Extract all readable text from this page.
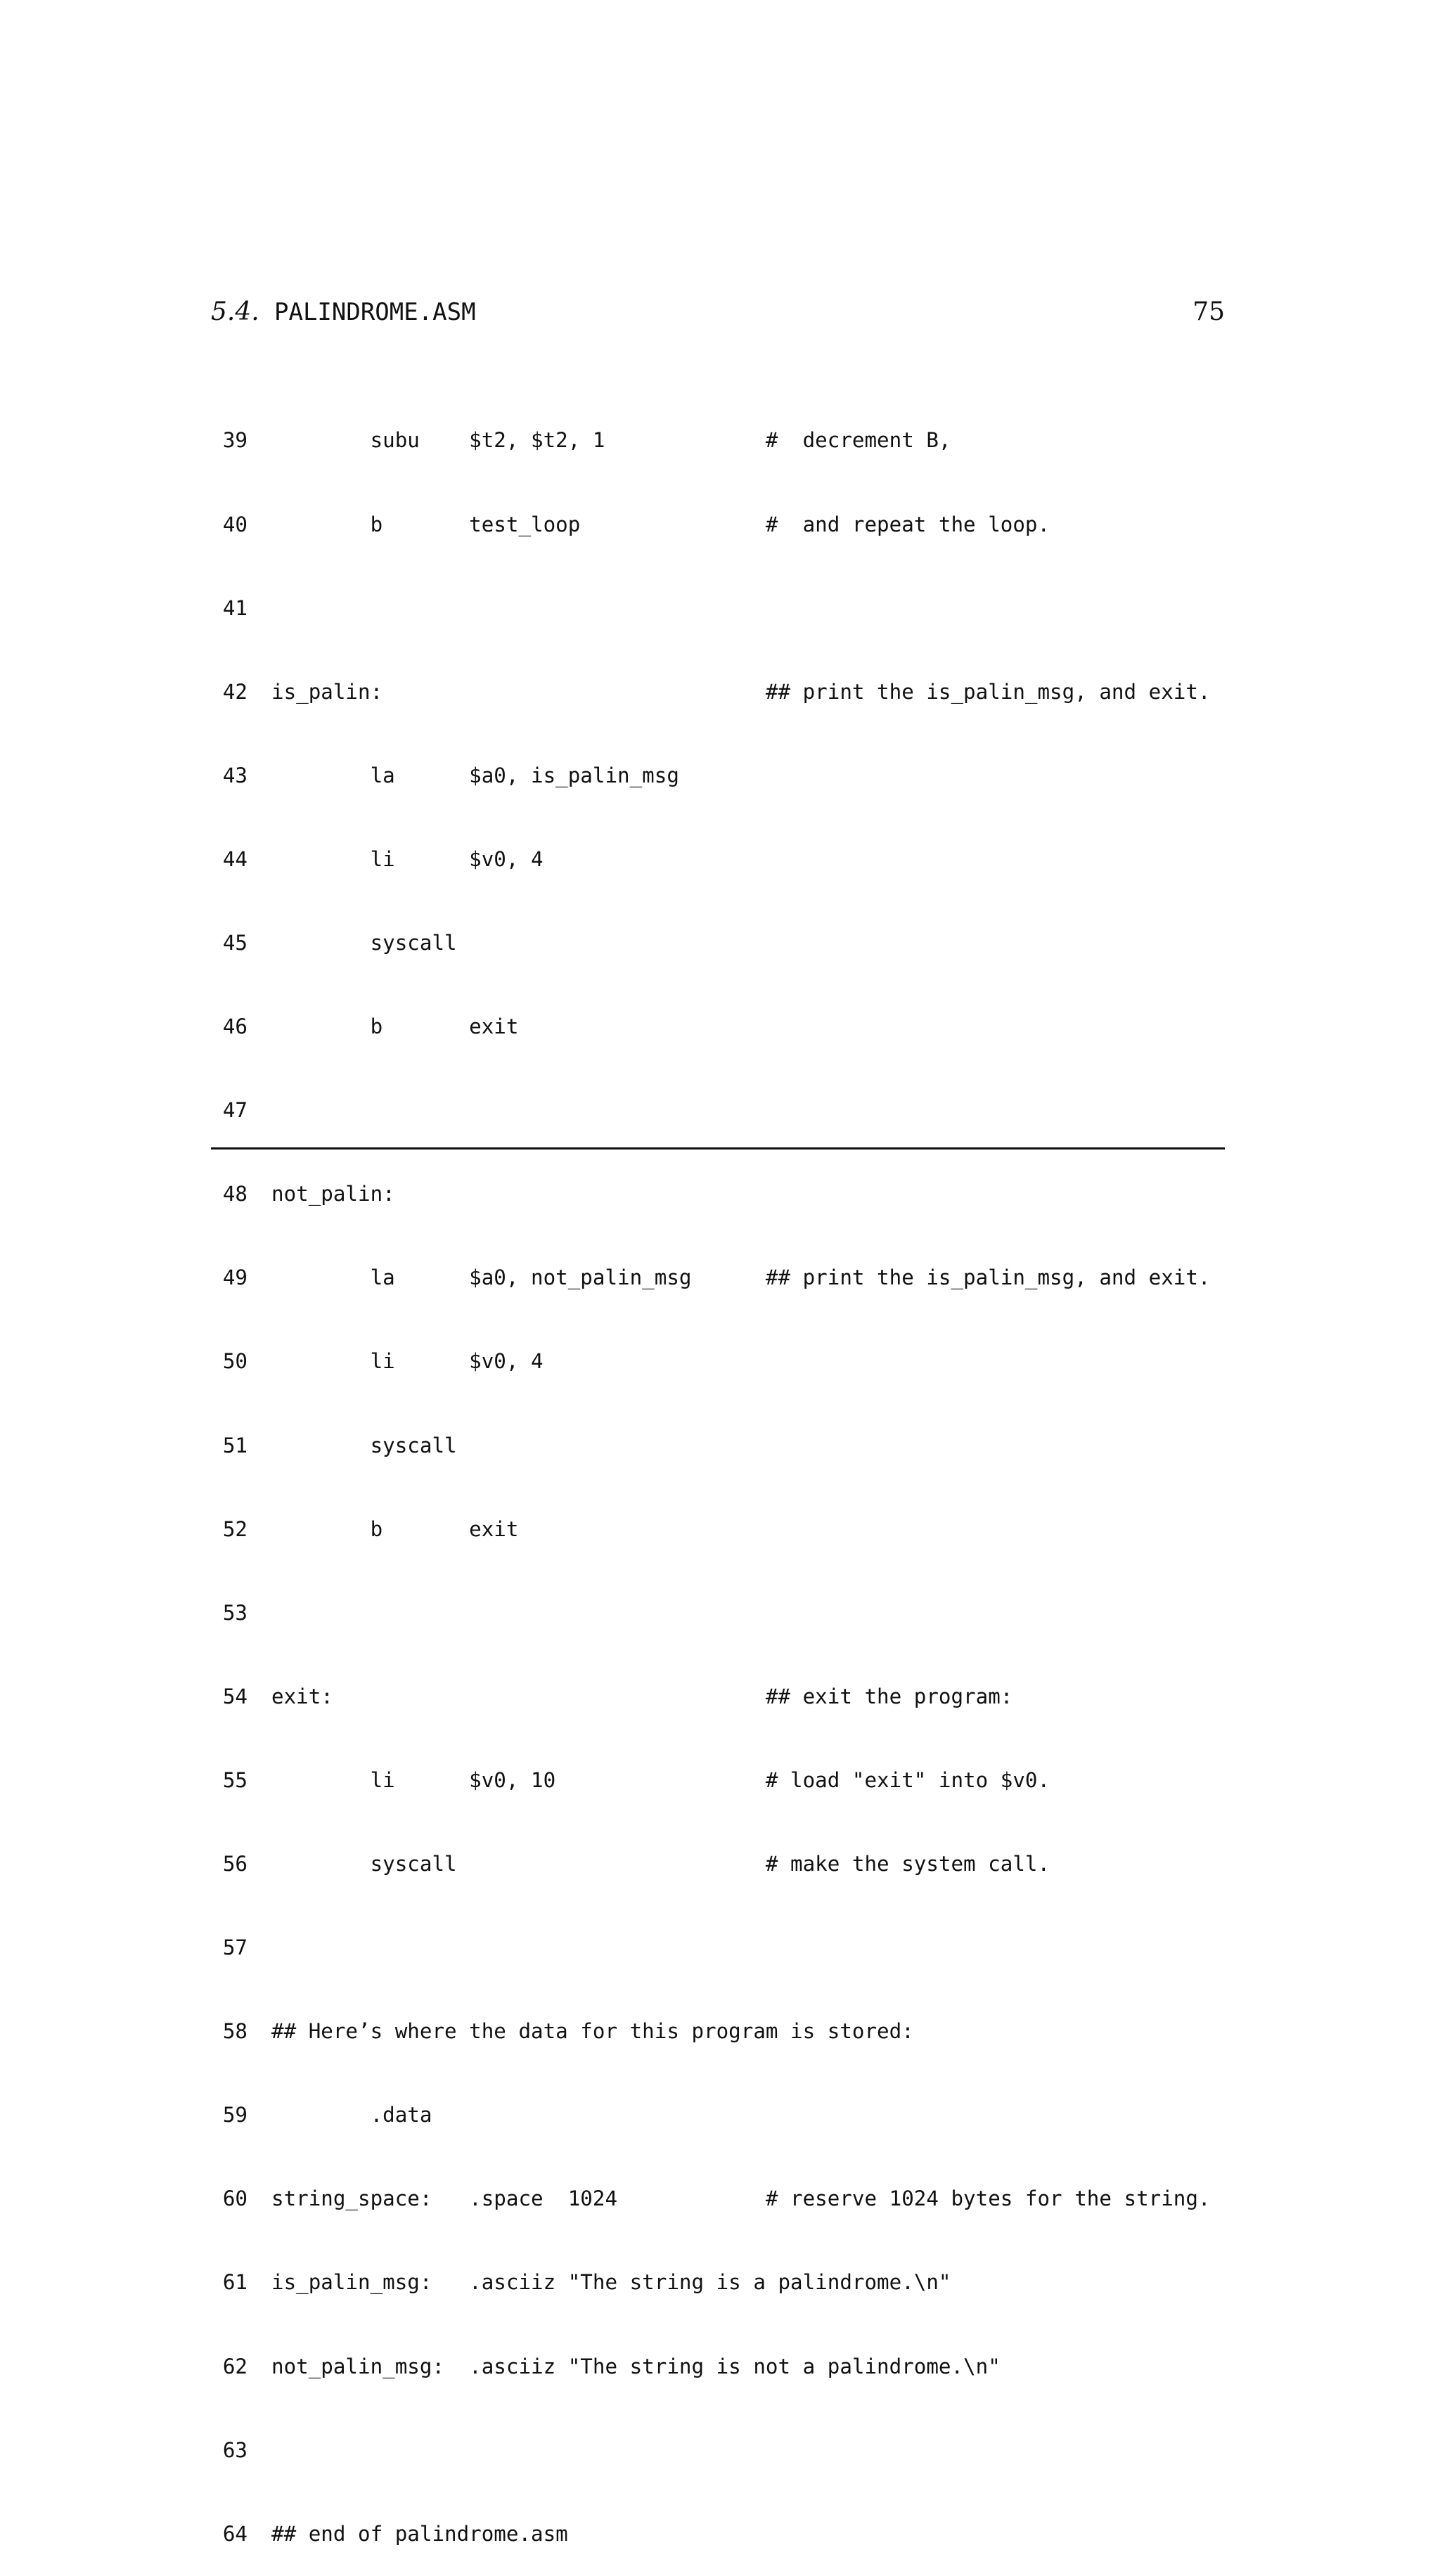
5.4. PALINDROME.ASM	75

39        subu    $t2, $t2, 1             #  decrement B,

40        b       test_loop               #  and repeat the loop.

41

42 is_palin:                               ## print the is_palin_msg, and exit.

43        la      $a0, is_palin_msg

44        li      $v0, 4

45        syscall

46        b       exit

47

48 not_palin:

49        la      $a0, not_palin_msg      ## print the is_palin_msg, and exit.

50        li      $v0, 4

51        syscall

52        b       exit

53

54 exit:                                   ## exit the program:

55        li      $v0, 10                 # load "exit" into $v0.

56        syscall                         # make the system call.

57

58 ## Here’s where the data for this program is stored:

59        .data

60 string_space:   .space  1024            # reserve 1024 bytes for the string.

61 is_palin_msg:   .asciiz "The string is a palindrome.\n"

62 not_palin_msg:  .asciiz "The string is not a palindrome.\n"

63

64 ## end of palindrome.asm
